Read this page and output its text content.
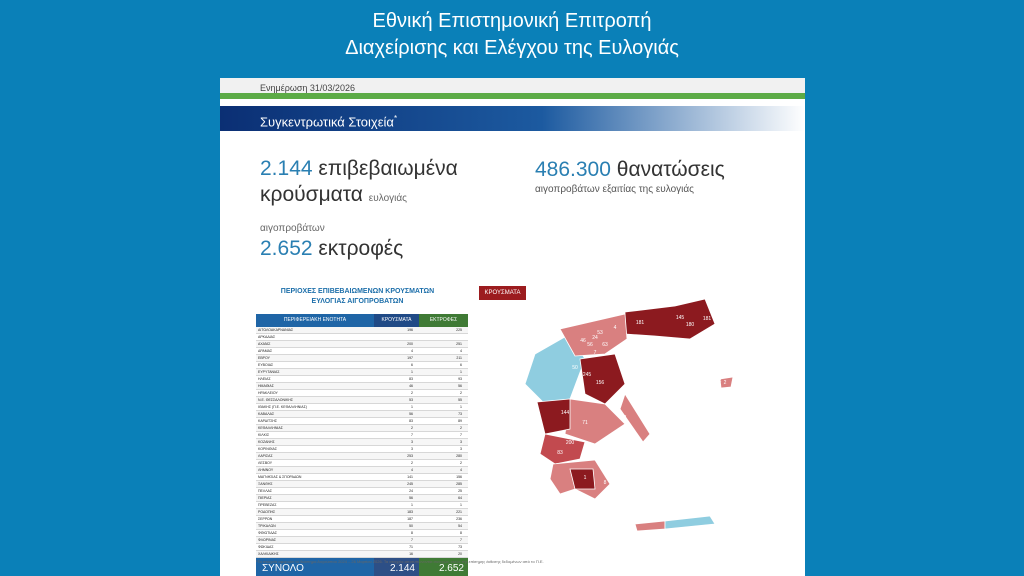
Εθνική Επιστημονική Επιτροπή
Διαχείρισης και Ελέγχου της Ευλογιάς
Ενημέρωση 31/03/2026
Συγκεντρωτικά Στοιχεία*
2.144 επιβεβαιωμένα
κρούσματα ευλογιάς
αιγοπροβάτων
486.300 θανατώσεις
αιγοπροβάτων εξαιτίας της ευλογιάς
2.652 εκτροφές
ΠΕΡΙΟΧΕΣ ΕΠΙΒΕΒΑΙΩΜΕΝΩΝ ΚΡΟΥΣΜΑΤΩΝ
ΕΥΛΟΓΙΑΣ ΑΙΓΟΠΡΟΒΑΤΩΝ
ΠΕΡΙΦΕΡΕΙΑΚΗ ΕΝΟΤΗΤΑ	ΚΡΟΥΣΜΑΤΑ	ΕΚΤΡΟΦΕΣ
ΑΙΤΩΛΟΑΚΑΡΝΑΝΙΑΣ	196	225
ΑΡΚΑΔΙΑΣ
ΑΧΑΪΑΣ	200	251
ΔΡΑΜΑΣ	4	4
ΕΒΡΟΥ	197	211
ΕΥΒΟΙΑΣ	6	6
ΕΥΡΥΤΑΝΙΑΣ	1	1
ΗΛΕΙΑΣ	83	93
ΗΜΑΘΙΑΣ	46	56
ΗΡΑΚΛΕΙΟΥ	2	2
Ν.Ε. ΘΕΣΣΑΛΟΝΙΚΗΣ	53	55
ΙΘΑΚΗΣ (Π.Ε. ΚΕΦΑΛΛΗΝΙΑΣ)	1	1
ΚΑΒΑΛΑΣ	56	73
ΚΑΡΔΙΤΣΗΣ	83	89
ΚΕΦΑΛΛΗΝΙΑΣ	2	2
ΚΙΛΚΙΣ	7	7
ΚΟΖΑΝΗΣ	3	3
ΚΟΡΙΝΘΙΑΣ	3	3
ΛΑΡΙΣΑΣ	253	280
ΛΕΣΒΟΥ	2	2
ΛΗΜΝΟΥ	4	4
ΜΑΓΝΗΣΙΑΣ & ΣΠΟΡΑΔΩΝ	141	156
ΞΑΝΘΗΣ	245	285
ΠΕΛΛΑΣ	24	25
ΠΙΕΡΙΑΣ	56	64
ΠΡΕΒΕΖΑΣ	1	1
ΡΟΔΟΠΗΣ	183	221
ΣΕΡΡΩΝ	187	236
ΤΡΙΚΑΛΩΝ	50	54
ΦΘΙΩΤΙΔΑΣ	8	8
ΦΛΩΡΙΝΑΣ	7	7
ΦΩΚΙΔΑΣ	71	73
ΧΑΛΚΙΔΙΚΗΣ	16	20
ΣΥΝΟΛΟ	2.144	2.652
181
145
180
181
245
156
144
200
24
63
46
56
50
53
83
71
3
6
2
7
4
4
2
1
8
ΚΡΟΥΣΜΑΤΑ
*Τα στοιχεία αφορούν το διάστημα Αυγούστου 2024 – 26 Μαρτίου 2026. Τα στοιχεία αποτυπώνονται συνεχώς, εκτός της επίσημης έκθεσης δεδομένων από το Π.Ε.
